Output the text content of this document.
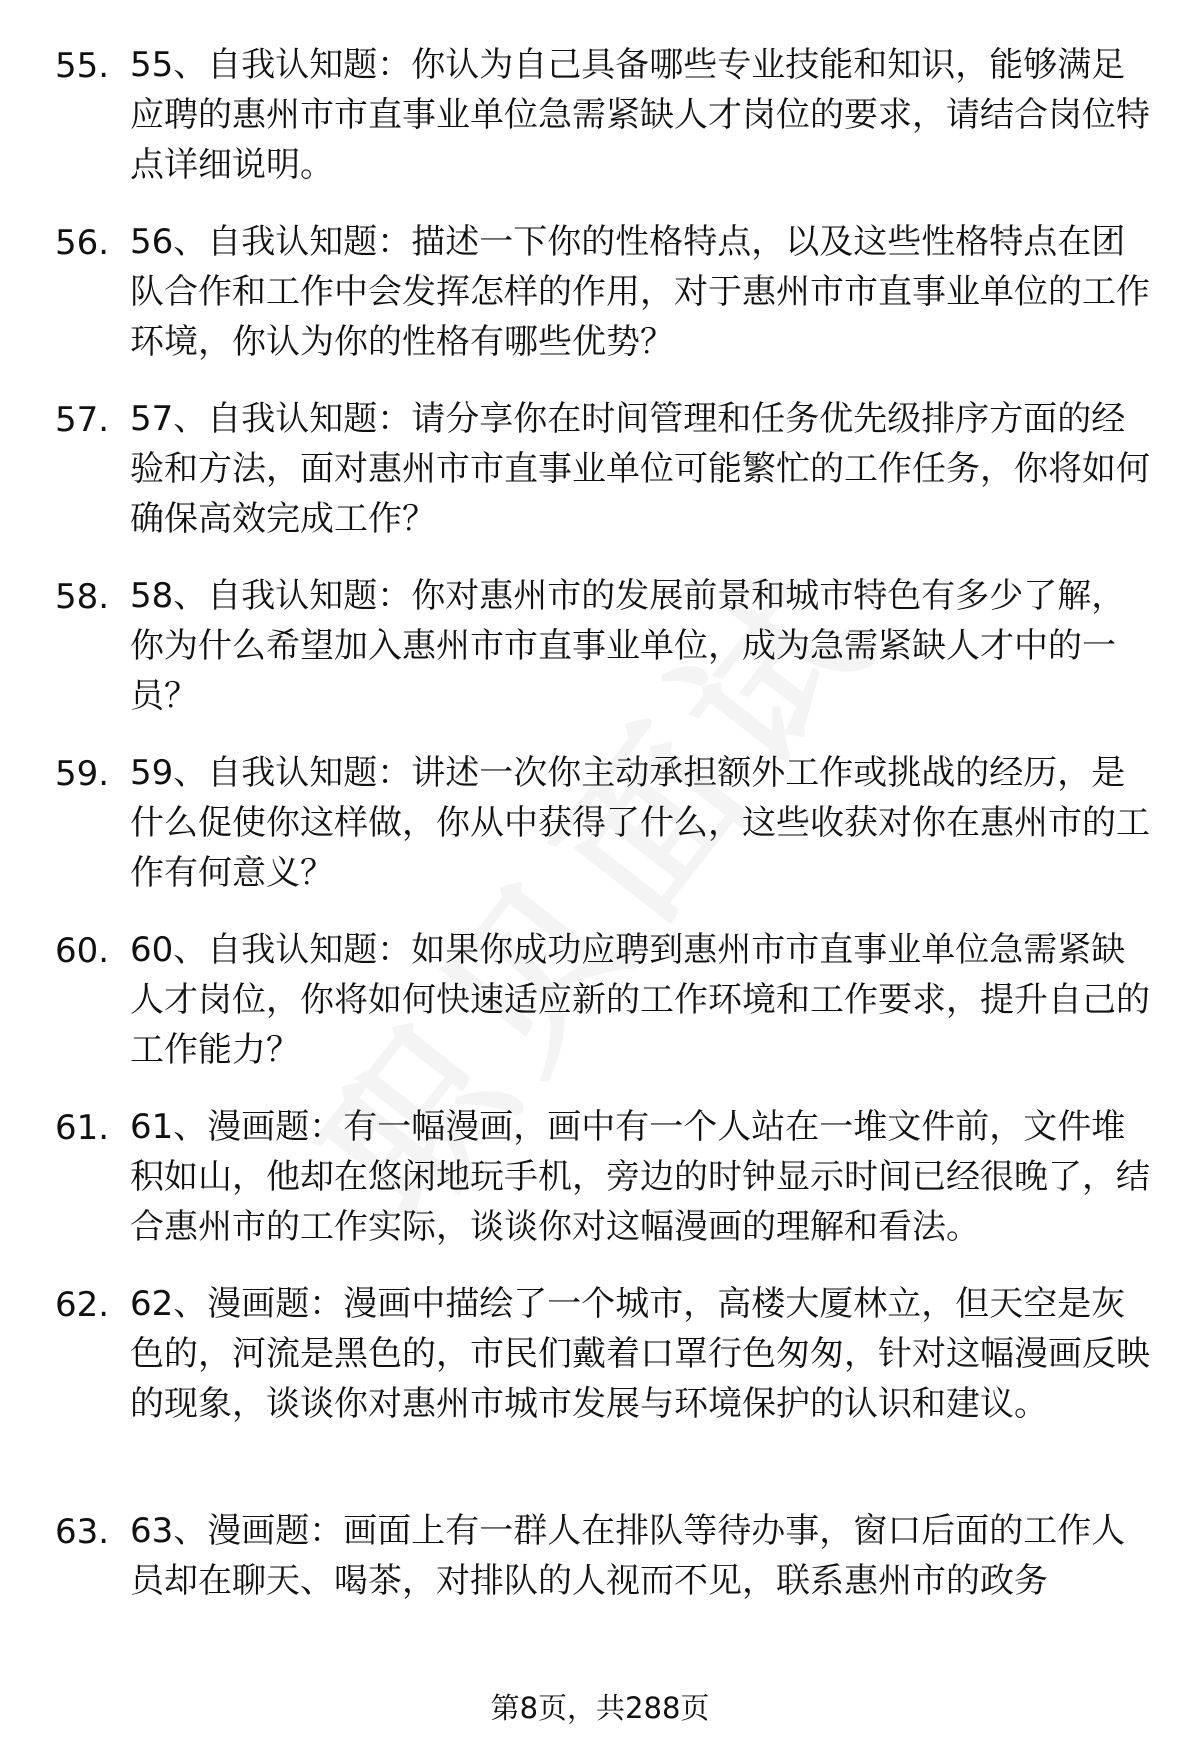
55. 55、自我认知题：你认为自己具备哪些专业技能和知识，能够满足应聘的惠州市市直事业单位急需紧缺人才岗位的要求，请结合岗位特点详细说明。
56. 56、自我认知题：描述一下你的性格特点，以及这些性格特点在团队合作和工作中会发挥怎样的作用，对于惠州市市直事业单位的工作环境，你认为你的性格有哪些优势？
57. 57、自我认知题：请分享你在时间管理和任务优先级排序方面的经验和方法，面对惠州市市直事业单位可能繁忙的工作任务，你将如何确保高效完成工作？
58. 58、自我认知题：你对惠州市的发展前景和城市特色有多少了解，你为什么希望加入惠州市市直事业单位，成为急需紧缺人才中的一员？
59. 59、自我认知题：讲述一次你主动承担额外工作或挑战的经历，是什么促使你这样做，你从中获得了什么，这些收获对你在惠州市的工作有何意义？
60. 60、自我认知题：如果你成功应聘到惠州市市直事业单位急需紧缺人才岗位，你将如何快速适应新的工作环境和工作要求，提升自己的工作能力？
61. 61、漫画题：有一幅漫画，画中有一个人站在一堆文件前，文件堆积如山，他却在悠闲地玩手机，旁边的时钟显示时间已经很晚了，结合惠州市的工作实际，谈谈你对这幅漫画的理解和看法。
62. 62、漫画题：漫画中描绘了一个城市，高楼大厦林立，但天空是灰色的，河流是黑色的，市民们戴着口罩行色匆匆，针对这幅漫画反映的现象，谈谈你对惠州市城市发展与环境保护的认识和建议。
63. 63、漫画题：画面上有一群人在排队等待办事，窗口后面的工作人员却在聊天、喝茶，对排队的人视而不见，联系惠州市的政务
第8页，共288页
